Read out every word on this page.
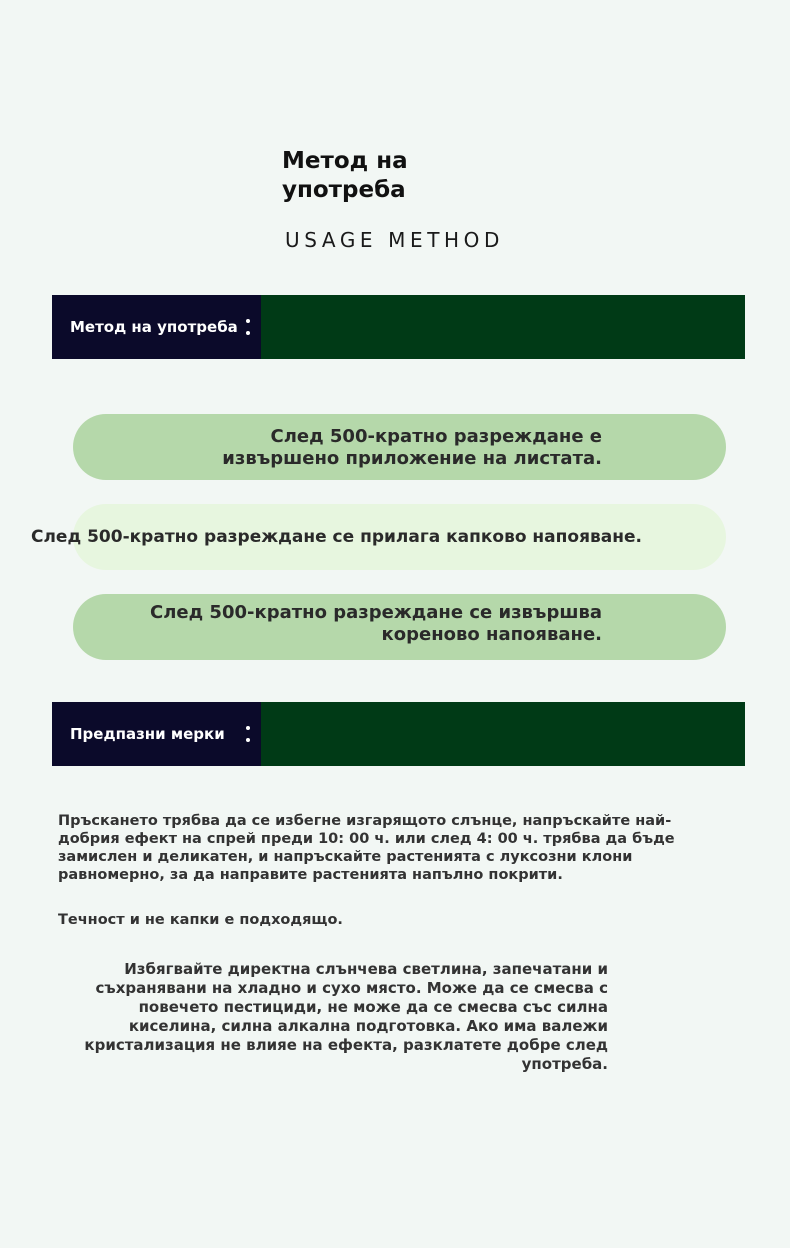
Метод на употреба
USAGE METHOD
Метод на употреба
След 500-кратно разреждане е извършено приложение на листата.
След 500-кратно разреждане се прилага капково напояване.
След 500-кратно разреждане се извършва кореново напояване.
Предпазни мерки
Пръскането трябва да се избегне изгарящото слънце, напръскайте най-добрия ефект на спрей преди 10: 00 ч. или след 4: 00 ч. трябва да бъде замислен и деликатен, и напръскайте растенията с луксозни клони равномерно, за да направите растенията напълно покрити.
Течност и не капки е подходящо.
Избягвайте директна слънчева светлина, запечатани и съхранявани на хладно и сухо място. Може да се смесва с повечето пестициди, не може да се смесва със силна киселина, силна алкална подготовка. Ако има валежи кристализация не влияе на ефекта, разклатете добре след употреба.
